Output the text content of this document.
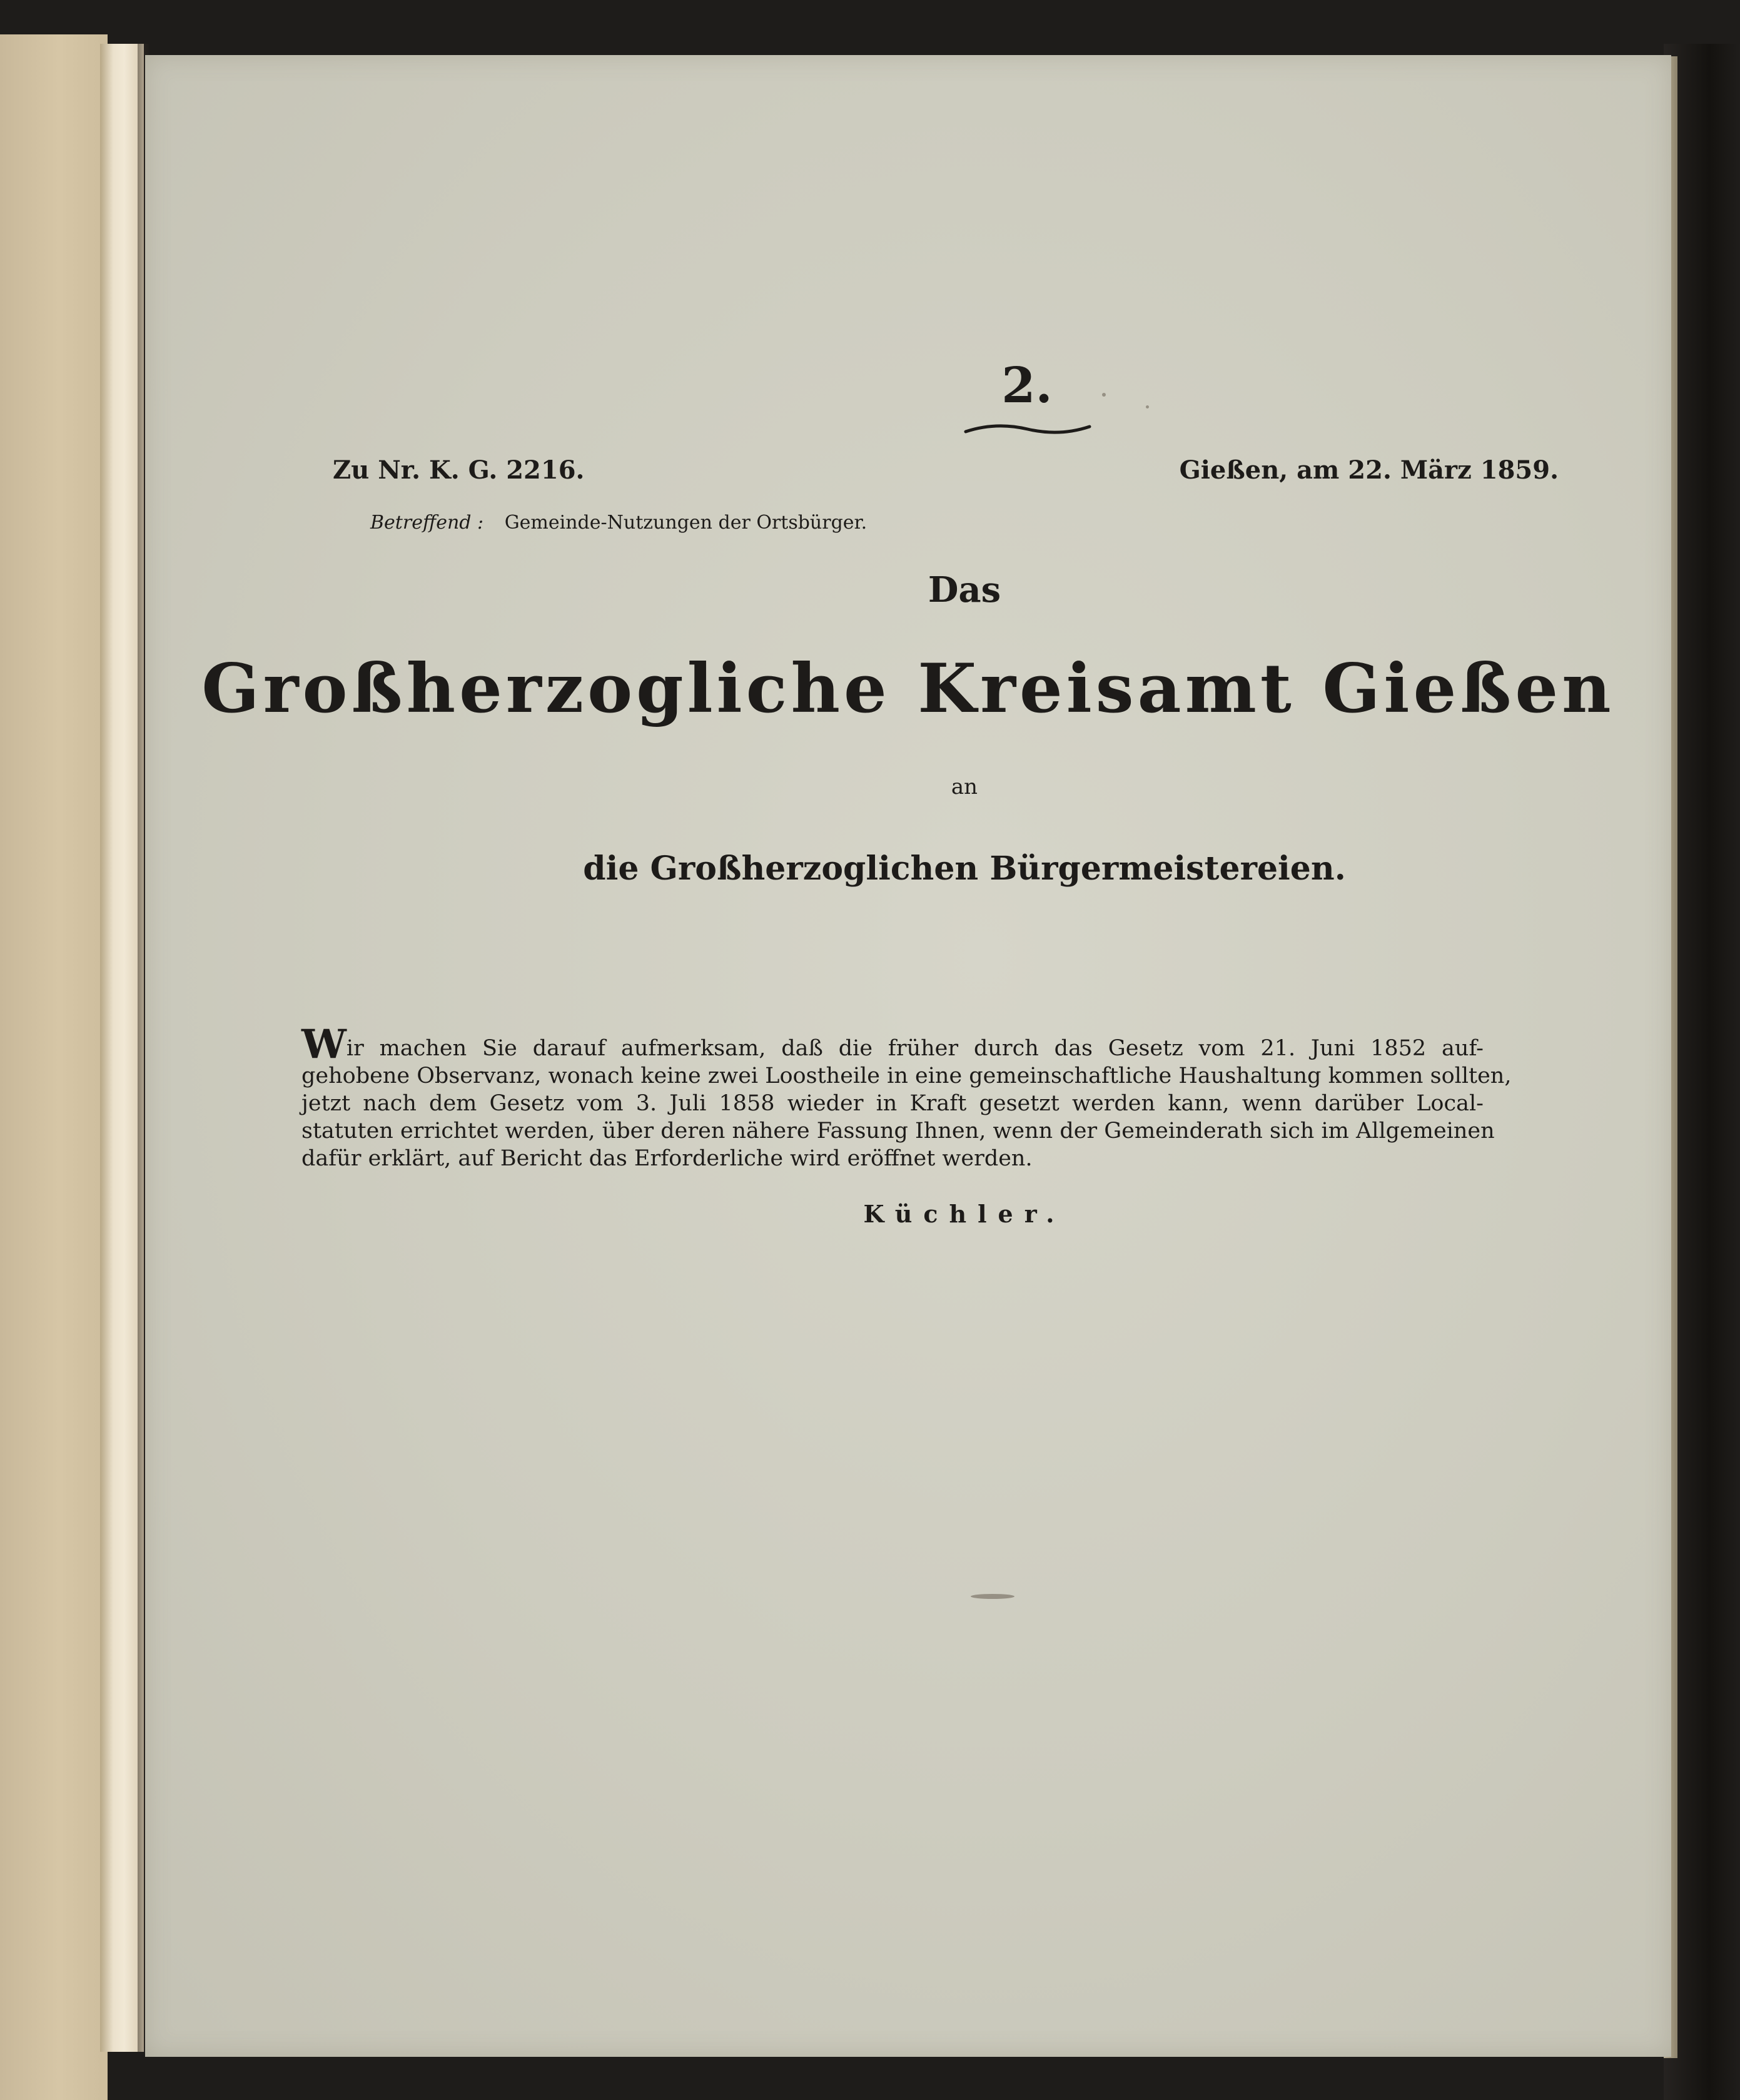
2.
Zu Nr. K. G. 2216.	Gießen, am 22. März 1859.
Betreffend : Gemeinde-Nutzungen der Ortsbürger.
Das
Großherzogliche Kreisamt Gießen
an
die Großherzoglichen Bürgermeistereien.
Wir machen Sie darauf aufmerksam, daß die früher durch das Gesetz vom 21. Juni 1852 auf-
gehobene Observanz, wonach keine zwei Loostheile in eine gemeinschaftliche Haushaltung kommen sollten,
jetzt nach dem Gesetz vom 3. Juli 1858 wieder in Kraft gesetzt werden kann, wenn darüber Local-
statuten errichtet werden, über deren nähere Fassung Ihnen, wenn der Gemeinderath sich im Allgemeinen
dafür erklärt, auf Bericht das Erforderliche wird eröffnet werden.
Küchler.
